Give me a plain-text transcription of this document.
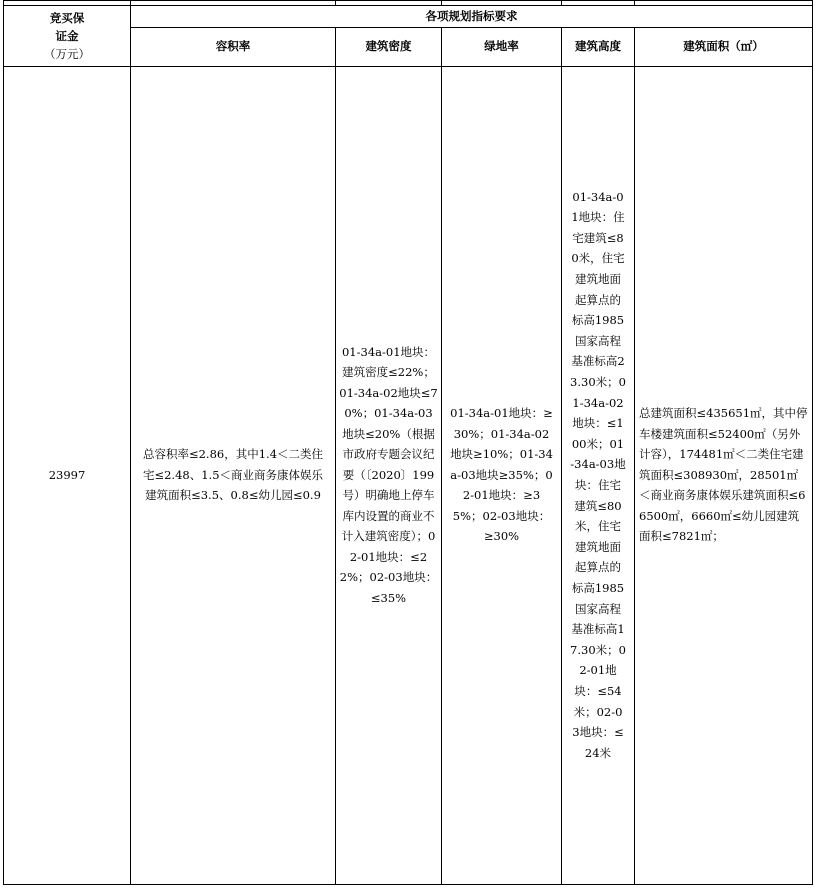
竞买保
证金
（万元）	各项规划指标要求				
	容积率	建筑密度	绿地率	建筑高度	建筑面积（㎡）
23997	总容积率≤2.86，其中1.4＜二类住宅≤2.48、1.5＜商业商务康体娱乐建筑面积≤3.5、0.8≤幼儿园≤0.9	01-34a-01地块：建筑密度≤22%；01-34a-02地块≤70%；01-34a-03地块≤20%（根据市政府专题会议纪要（〔2020〕199号）明确地上停车库内设置的商业不计入建筑密度）；02-01地块：≤22%；02-03地块：≤35%	01-34a-01地块：≥30%；01-34a-02地块≥10%；01-34a-03地块≥35%；02-01地块：≥35%；02-03地块：≥30%	01-34a-01地块：住宅建筑≤80米，住宅建筑地面起算点的标高1985国家高程基准标高23.30米；01-34a-02地块：≤100米；01-34a-03地块：住宅建筑≤80米，住宅建筑地面起算点的标高1985国家高程基准标高17.30米；02-01地块：≤54米；02-03地块：≤24米	总建筑面积≤435651㎡，其中停车楼建筑面积≤52400㎡（另外计容），174481㎡＜二类住宅建筑面积≤308930㎡，28501㎡＜商业商务康体娱乐建筑面积≤66500㎡，6660㎡≤幼儿园建筑面积≤7821㎡；
